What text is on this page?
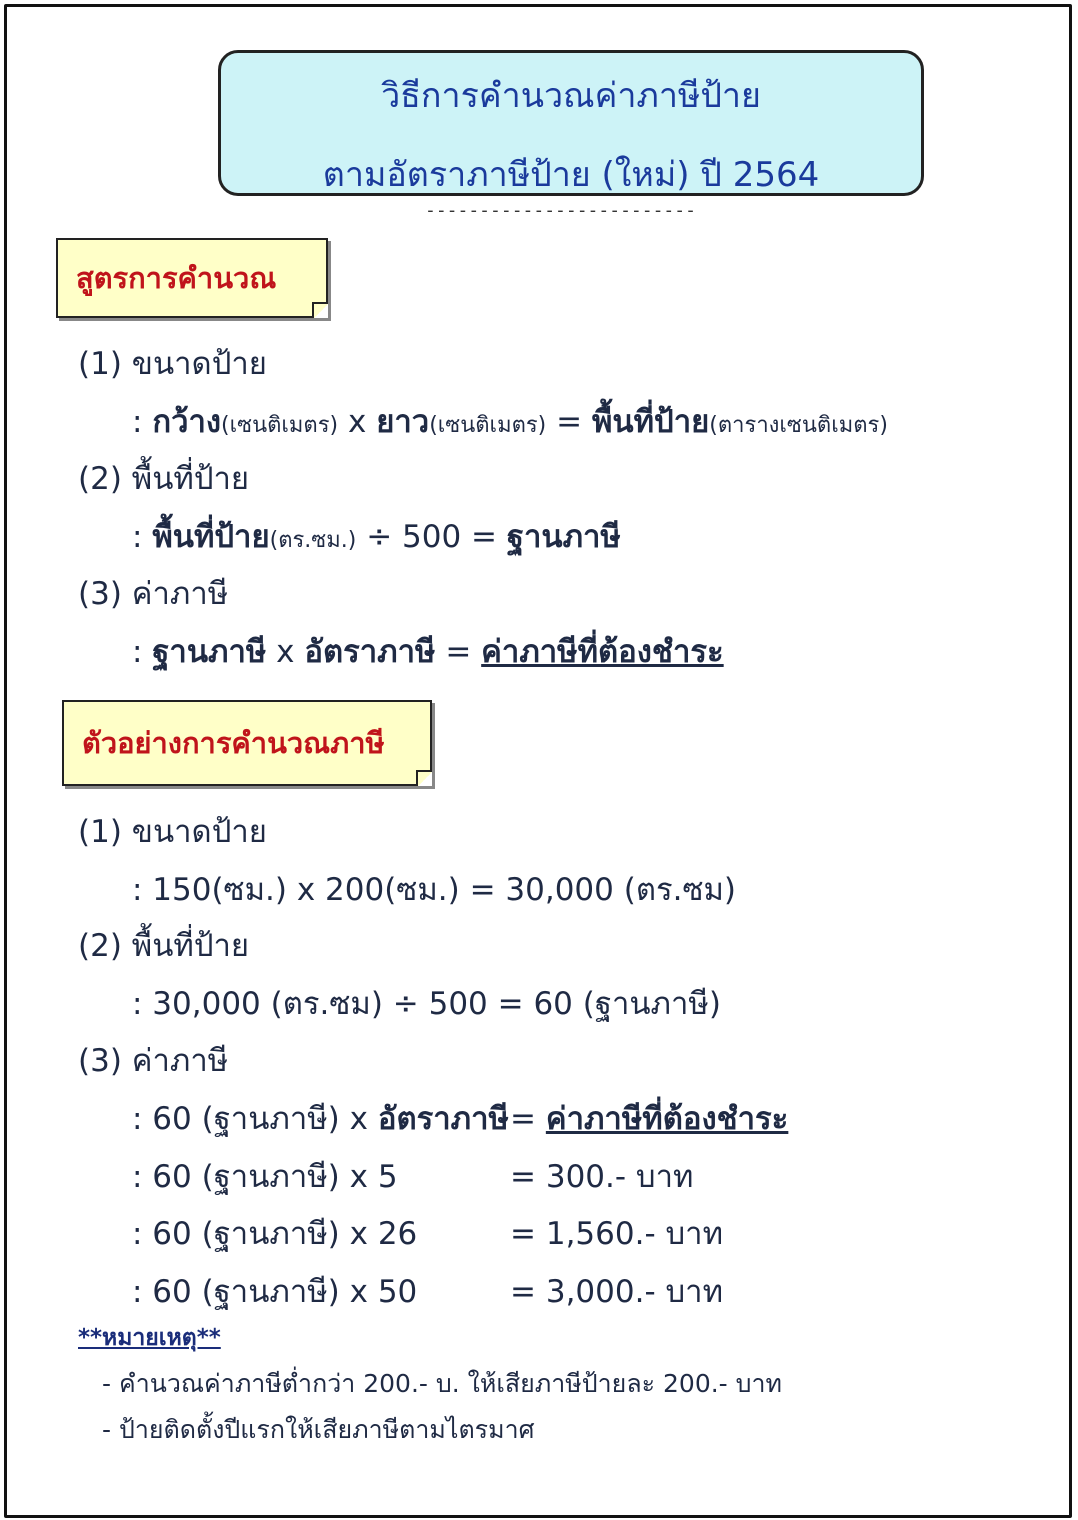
วิธีการคำนวณค่าภาษีป้าย
ตามอัตราภาษีป้าย (ใหม่) ปี 2564
-------------------------
สูตรการคำนวณ
(1) ขนาดป้าย
: กว้าง(เซนติเมตร) x ยาว(เซนติเมตร) = พื้นที่ป้าย(ตารางเซนติเมตร)
(2) พื้นที่ป้าย
: พื้นที่ป้าย(ตร.ซม.) ÷ 500 = ฐานภาษี
(3) ค่าภาษี
: ฐานภาษี x อัตราภาษี = ค่าภาษีที่ต้องชำระ
ตัวอย่างการคำนวณภาษี
(1) ขนาดป้าย
: 150(ซม.) x 200(ซม.) = 30,000 (ตร.ซม)
(2) พื้นที่ป้าย
: 30,000 (ตร.ซม) ÷ 500 = 60 (ฐานภาษี)
(3) ค่าภาษี
: 60 (ฐานภาษี) x อัตราภาษี = ค่าภาษีที่ต้องชำระ
: 60 (ฐานภาษี) x 5	= 300.- บาท
: 60 (ฐานภาษี) x 26	= 1,560.- บาท
: 60 (ฐานภาษี) x 50	= 3,000.- บาท
**หมายเหตุ**
- คำนวณค่าภาษีต่ำกว่า 200.- บ. ให้เสียภาษีป้ายละ 200.- บาท
- ป้ายติดตั้งปีแรกให้เสียภาษีตามไตรมาศ
